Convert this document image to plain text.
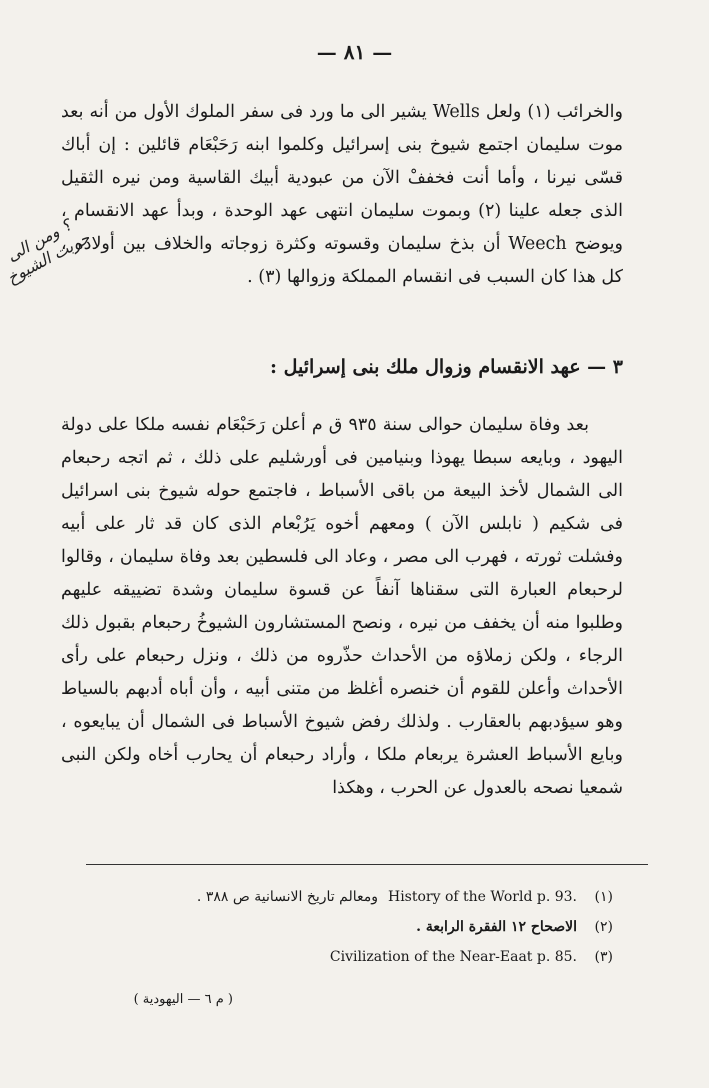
— ٨١ —

والخرائب (١) ولعل Wells يشير الى ما ورد فى سفر الملوك الأول من أنه بعد موت سليمان اجتمع شيوخ بنى إسرائيل وكلموا ابنه رَحَبْعَام قائلين : إن أباك قسّى نيرنا ، وأما أنت فخففْ الآن من عبودية أبيك القاسية ومن نيره الثقيل الذى جعله علينا (٢) وبموت سليمان انتهى عهد الوحدة ، وبدأ عهد الانقسام ، ويوضح Weech أن بذخ سليمان وقسوته وكثرة زوجاته والخلاف بين أولاده ، كل هذا كان السبب فى انقسام المملكة وزوالها (٣) .

؟ ومن الى حربت الشيوخ
٣ — عهد الانقسام وزوال ملك بنى إسرائيل :

بعد وفاة سليمان حوالى سنة ٩٣٥ ق م أعلن رَحَبْعَام نفسه ملكا على دولة اليهود ، وبايعه سبطا يهوذا وبنيامين فى أورشليم على ذلك ، ثم اتجه رحبعام الى الشمال لأخذ البيعة من باقى الأسباط ، فاجتمع حوله شيوخ بنى اسرائيل فى شكيم ( نابلس الآن ) ومعهم أخوه يَرُبْعام الذى كان قد ثار على أبيه وفشلت ثورته ، فهرب الى مصر ، وعاد الى فلسطين بعد وفاة سليمان ، وقالوا لرحبعام العبارة التى سقناها آنفاً عن قسوة سليمان وشدة تضييقه عليهم وطلبوا منه أن يخفف من نيره ، ونصح المستشارون الشيوخُ رحبعام بقبول ذلك الرجاء ، ولكن زملاؤه من الأحداث حذّروه من ذلك ، ونزل رحبعام على رأى الأحداث وأعلن للقوم أن خنصره أغلظ من متنى أبيه ، وأن أباه أدبهم بالسياط وهو سيؤدبهم بالعقارب . ولذلك رفض شيوخ الأسباط فى الشمال أن يبايعوه ، وبايع الأسباط العشرة يربعام ملكا ، وأراد رحبعام أن يحارب أخاه ولكن النبى شمعيا نصحه بالعدول عن الحرب ، وهكذا

(١)
History of the World p. 93.
ومعالم تاريخ الانسانية ص ٣٨٨ .
(٢)
الاصحاح ١٢ الفقرة الرابعة .
(٣)
Civilization of the Near-Eaat p. 85.
( م ٦ — اليهودية )
